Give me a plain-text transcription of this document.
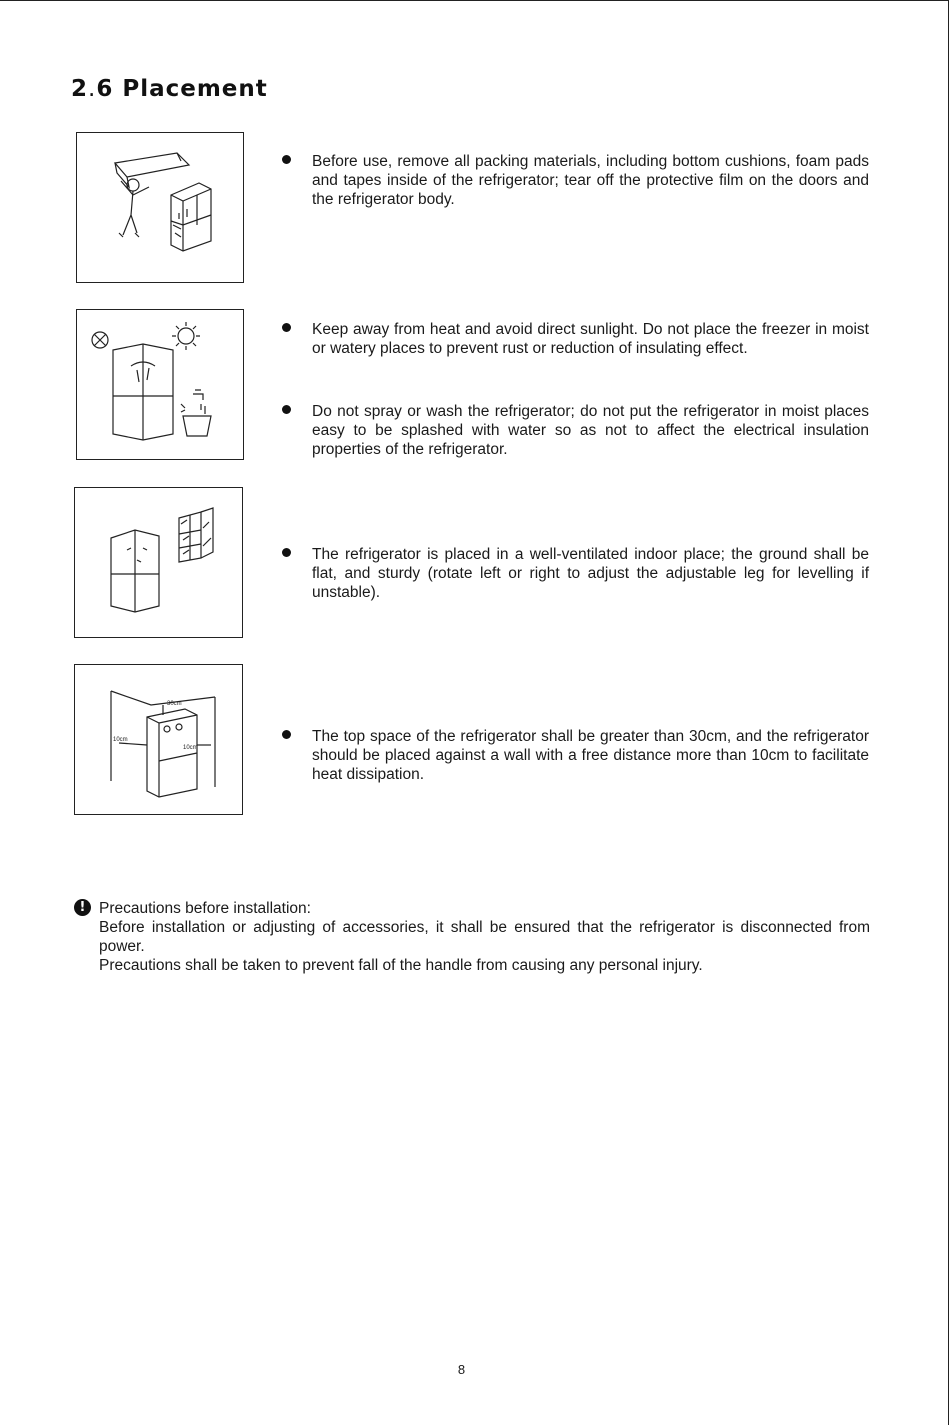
2.6 Placement
30cm
10cm
10cm
Before use, remove all packing materials, including bottom cushions, foam pads and tapes inside of the refrigerator; tear off the protective film on the doors and the refrigerator body.
Keep away from heat and avoid direct sunlight. Do not place the freezer in moist or watery places to prevent rust or reduction of insulating effect.
Do not spray or wash the refrigerator; do not put the refrigerator in moist places easy to be splashed with water so as not to affect the electrical insulation properties of the refrigerator.
The refrigerator is placed in a well-ventilated indoor place; the ground shall be flat, and sturdy (rotate left or right to adjust the adjustable leg for levelling if unstable).
The top space of the refrigerator shall be greater than 30cm, and the refrigerator should be placed against a wall with a free distance more than 10cm to facilitate heat dissipation.
! Precautions before installation:
Before installation or adjusting of accessories, it shall be ensured that the refrigerator is disconnected from power.
Precautions shall be taken to prevent fall of the handle from causing any personal injury.
8
